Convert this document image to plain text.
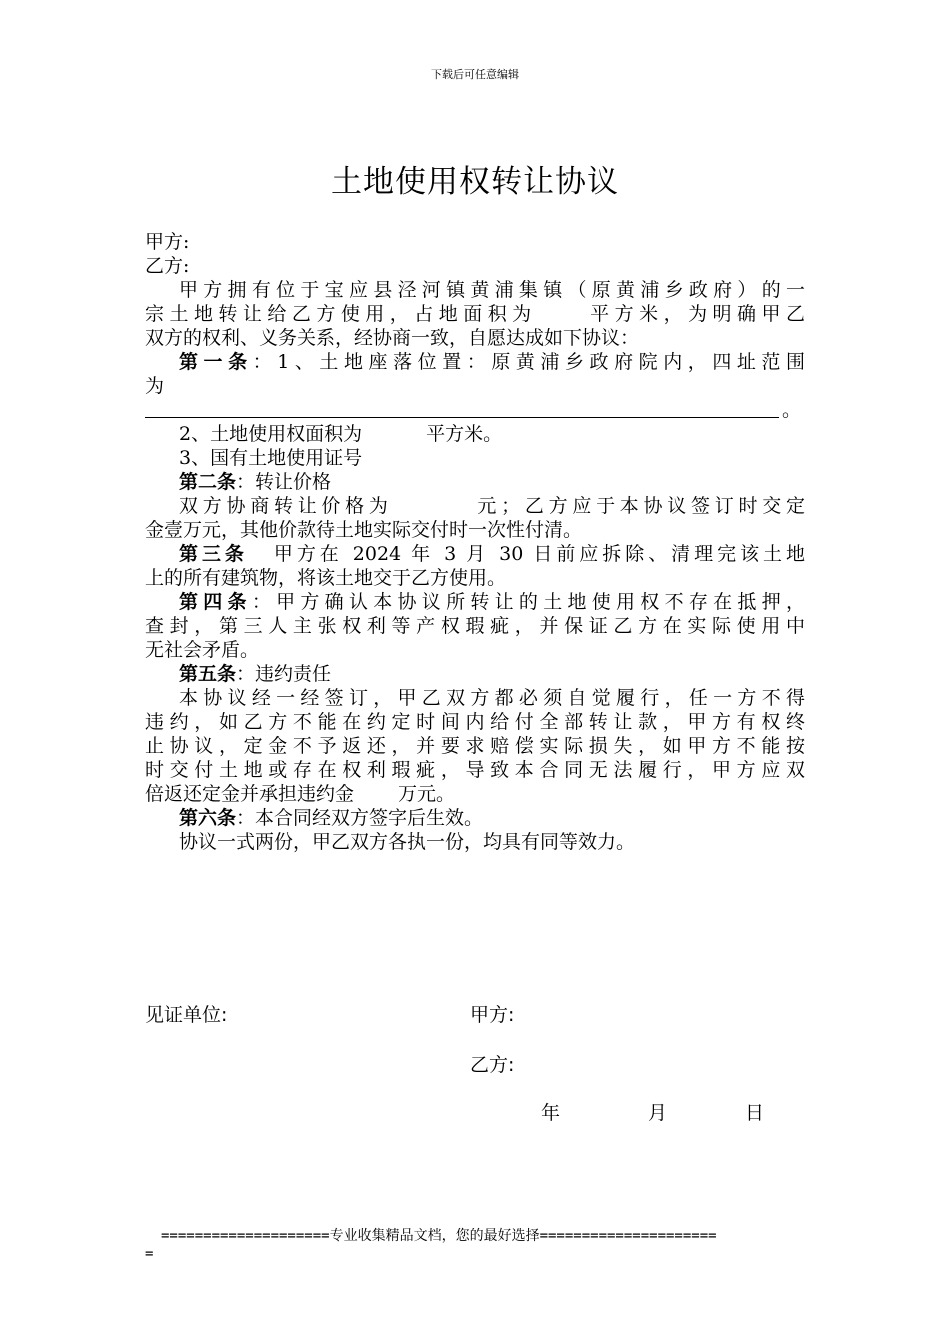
下载后可任意编辑
土地使用权转让协议
甲方:
乙方:
甲方拥有位于宝应县泾河镇黄浦集镇（原黄浦乡政府）的一
宗土地转让给乙方使用，占地面积为	平方米，为明确甲乙
双方的权利、义务关系，经协商一致，自愿达成如下协议：
第一条：1、土地座落位置：原黄浦乡政府院内，四址范围
为
。
2、土地使用权面积为	平方米。
3、国有土地使用证号
第二条：转让价格
双方协商转让价格为	元；乙方应于本协议签订时交定
金壹万元，其他价款待土地实际交付时一次性付清。
第三条 甲方在 2024 年 3 月 30 日前应拆除、清理完该土地
上的所有建筑物，将该土地交于乙方使用。
第四条：甲方确认本协议所转让的土地使用权不存在抵押，
查封，第三人主张权利等产权瑕疵，并保证乙方在实际使用中
无社会矛盾。
第五条：违约责任
本协议经一经签订，甲乙双方都必须自觉履行，任一方不得
违约，如乙方不能在约定时间内给付全部转让款，甲方有权终
止协议，定金不予返还，并要求赔偿实际损失，如甲方不能按
时交付土地或存在权利瑕疵，导致本合同无法履行，甲方应双
倍返还定金并承担违约金 万元。
第六条：本合同经双方签字后生效。
协议一式两份，甲乙双方各执一份，均具有同等效力。
见证单位:	甲方:
乙方:
年	月	日
====================专业收集精品文档，您的最好选择=====================
=
